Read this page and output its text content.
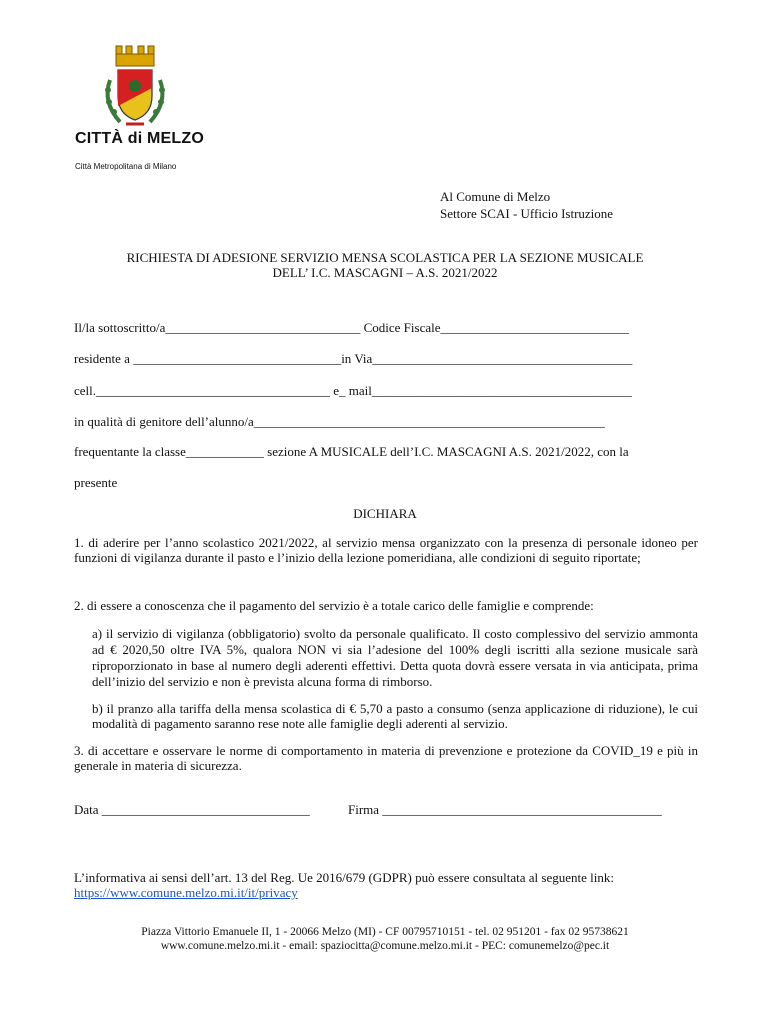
CITTÀ di MELZO
Città Metropolitana di Milano
Al Comune di Melzo
Settore SCAI - Ufficio Istruzione
RICHIESTA DI ADESIONE SERVIZIO MENSA SCOLASTICA PER LA SEZIONE MUSICALE
DELL’ I.C. MASCAGNI – A.S. 2021/2022
Il/la sottoscritto/a______________________________ Codice Fiscale_____________________________
residente a ________________________________in Via________________________________________
cell.____________________________________ e_ mail________________________________________
in qualità di genitore dell’alunno/a______________________________________________________
frequentante la classe____________ sezione A MUSICALE dell’I.C. MASCAGNI A.S. 2021/2022, con la
presente
DICHIARA
1. di aderire per l’anno scolastico 2021/2022, al servizio mensa organizzato con la presenza di personale idoneo per funzioni di vigilanza durante il pasto e l’inizio della lezione pomeridiana, alle condizioni di seguito riportate;
2. di essere a conoscenza che il pagamento del servizio è a totale carico delle famiglie e comprende:
a) il servizio di vigilanza (obbligatorio) svolto da personale qualificato. Il costo complessivo del servizio ammonta ad € 2020,50 oltre IVA 5%, qualora NON vi sia l’adesione del 100% degli iscritti alla sezione musicale sarà riproporzionato in base al numero degli aderenti effettivi. Detta quota dovrà essere versata in via anticipata, prima dell’inizio del servizio e non è prevista alcuna forma di rimborso.
b) il pranzo alla tariffa della mensa scolastica di € 5,70 a pasto a consumo (senza applicazione di riduzione), le cui modalità di pagamento saranno rese note alle famiglie degli aderenti al servizio.
3. di accettare e osservare le norme di comportamento in materia di prevenzione e protezione da COVID_19 e più in generale in materia di sicurezza.
Data ________________________________	Firma ___________________________________________
L’informativa ai sensi dell’art. 13 del Reg. Ue 2016/679 (GDPR) può essere consultata al seguente link:
https://www.comune.melzo.mi.it/it/privacy
Piazza Vittorio Emanuele II, 1 - 20066 Melzo (MI) - CF 00795710151 - tel. 02 951201 - fax 02 95738621
www.comune.melzo.mi.it - email: spaziocitta@comune.melzo.mi.it - PEC: comunemelzo@pec.it
